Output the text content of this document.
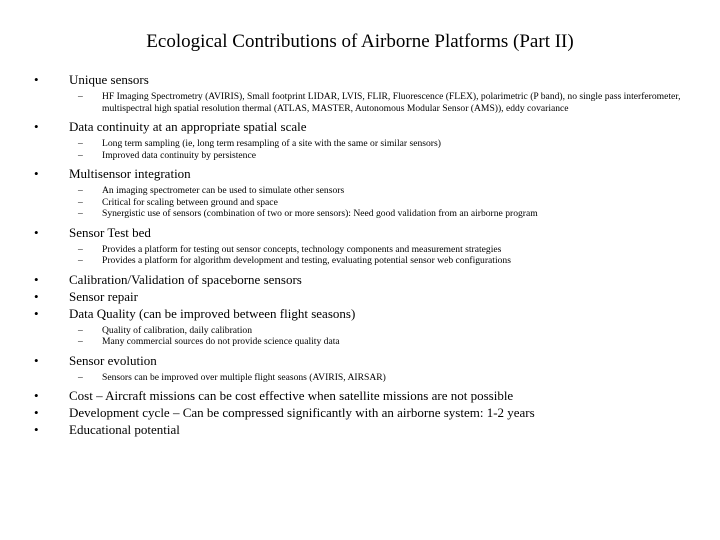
Ecological Contributions of Airborne Platforms (Part II)
•	Unique sensors
– HF Imaging Spectrometry (AVIRIS), Small footprint LIDAR, LVIS, FLIR, Fluorescence (FLEX), polarimetric (P band), no single pass interferometer, multispectral high spatial resolution thermal (ATLAS, MASTER, Autonomous Modular Sensor (AMS)), eddy covariance
•	Data continuity at an appropriate spatial scale
– Long term sampling (ie, long term resampling of a site with the same or similar sensors)
– Improved data continuity by persistence
•	Multisensor integration
– An imaging spectrometer can be used to simulate other sensors
– Critical for scaling between ground and space
– Synergistic use of sensors (combination of two or more sensors): Need good validation from an airborne program
•	Sensor Test bed
– Provides a platform for testing out sensor concepts, technology components and measurement strategies
– Provides a platform for algorithm development and testing, evaluating potential sensor web configurations
•	Calibration/Validation of spaceborne sensors
•	Sensor repair
•	Data Quality (can be improved between flight seasons)
– Quality of calibration, daily calibration
– Many commercial sources do not provide science quality data
•	Sensor evolution
– Sensors can be improved over multiple flight seasons (AVIRIS, AIRSAR)
•	Cost – Aircraft missions can be cost effective when satellite missions are not possible
•	Development cycle – Can be compressed significantly with an airborne system: 1-2 years
•	Educational potential
